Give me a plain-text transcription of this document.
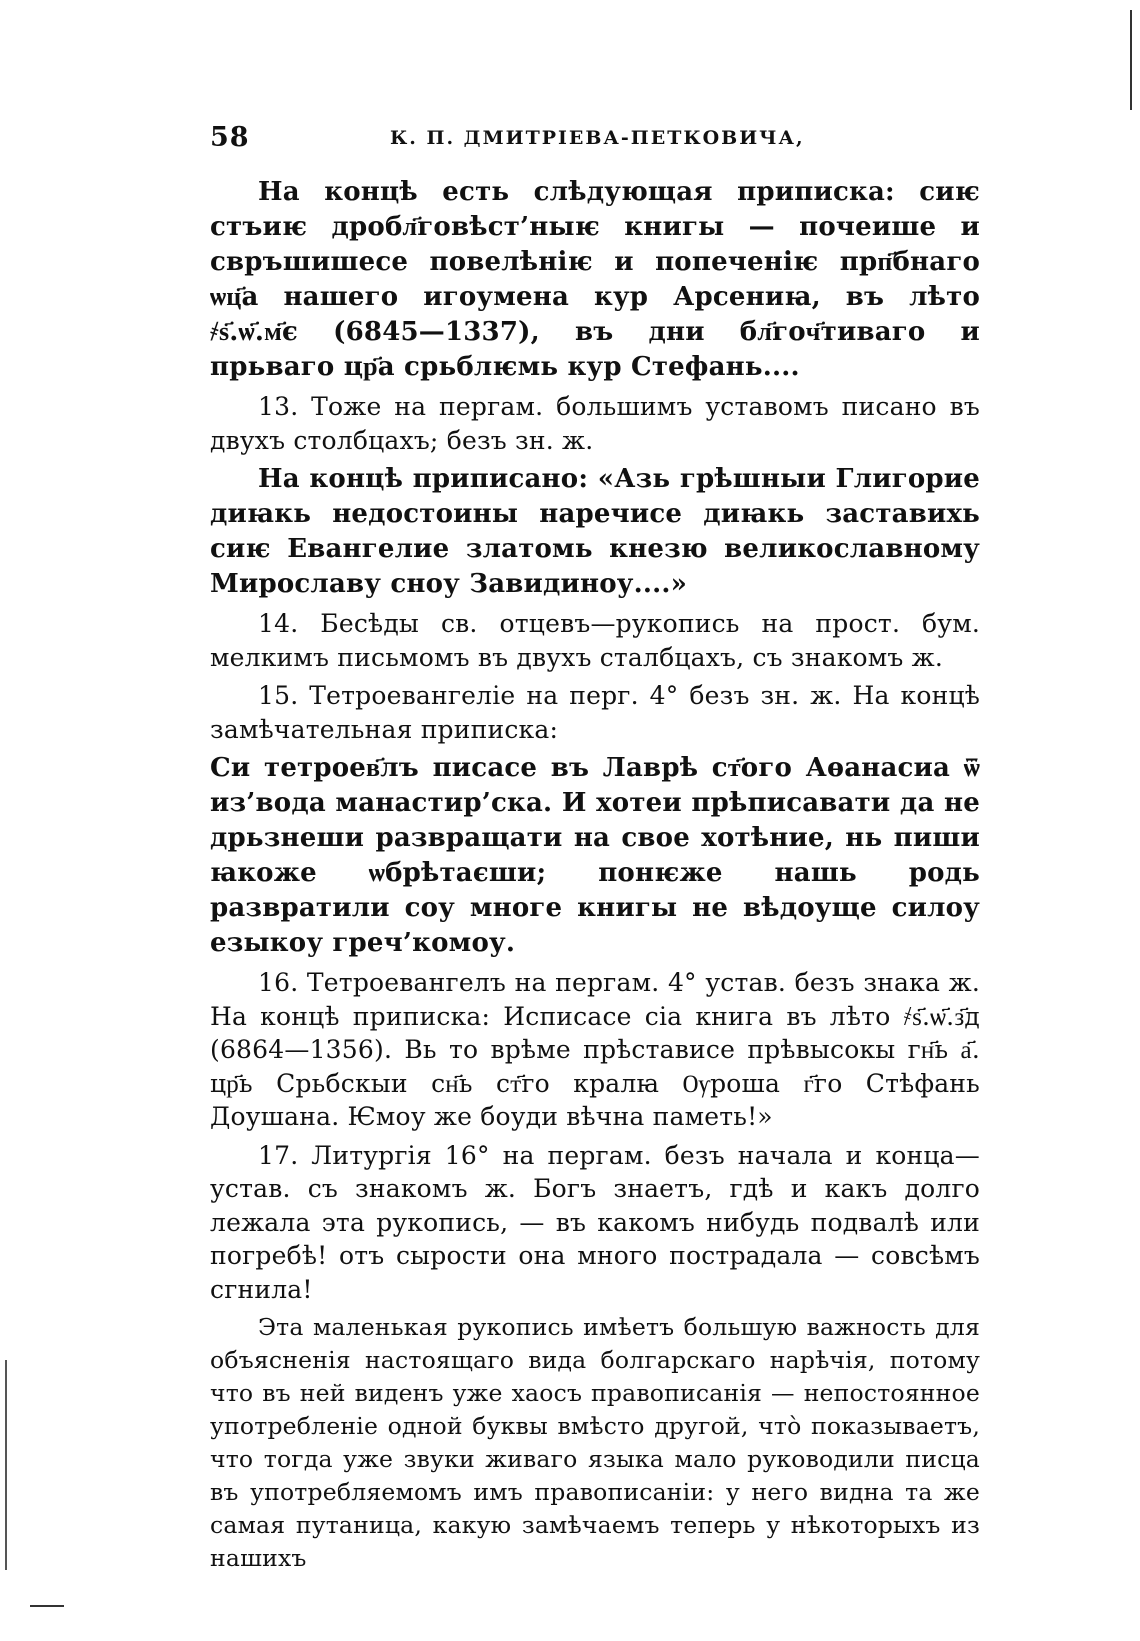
58	К. П. ДМИТРІЕВА-ПЕТКОВИЧА,

На концѣ есть слѣдующая приписка: сиѥ стъиѥ дробл҃говѣст’ныѥ книгы — почеише и свръшишесе повелѣніѥ и попеченіѥ прп҃бнаго ѡц҃а нашего игоумена кур Арсениꙗ, въ лѣто ҂ѕ҃.ѡ҃.м҃є (6845—1337), въ дни бл҃гоч҃тиваго и прьваго цр҃а срьблѥмь кур Стефань....

13. Тоже на пергам. большимъ уставомъ писано въ двухъ столбцахъ; безъ зн. ж.

На концѣ приписано: «Азь грѣшныи Глигорие диꙗкь недостоины наречисе диꙗкь заставихь сиѥ Евангелие златомь кнезю великославному Мирославу сноу Завидиноу....»

14. Бесѣды св. отцевъ—рукопись на прост. бум. мелкимъ письмомъ въ двухъ сталбцахъ, съ знакомъ ж.

15. Тетроевангеліе на перг. 4° безъ зн. ж. На концѣ замѣчательная приписка:

Си тетроев҃лъ писасе въ Лаврѣ ст҃ого Аѳанасиа ѿ из’вода манастир’ска. И хотеи прѣписавати да не дрьзнеши развращати на свое хотѣние, нь пиши ꙗкоже ѡбрѣтаєши; понѥже нашь родь развратили соу многе книгы не вѣдоуще силоу езыкоу греч’комоу.

16. Тетроевангелъ на пергам. 4° устав. безъ знака ж. На концѣ приписка: Исписасе сіа книга въ лѣто ҂ѕ҃.ѡ҃.з҃д (6864—1356). Вь то врѣме прѣстависе прѣвысокы гн҃ь а҃. цр҃ь Срьбскыи сн҃ь ст҃го кралꙗ Ѹроша г҃го Стѣфань Доушана. Ѥмоу же боуди вѣчна паметь!»

17. Литургія 16° на пергам. безъ начала и конца—устав. съ знакомъ ж. Богъ знаетъ, гдѣ и какъ долго лежала эта рукопись, — въ какомъ нибудь подвалѣ или погребѣ! отъ сырости она много пострадала — совсѣмъ сгнила!

Эта маленькая рукопись имѣетъ большую важность для объясненія настоящаго вида болгарскаго нарѣчія, потому что въ ней виденъ уже хаосъ правописанія — непостоянное употребленіе одной буквы вмѣсто другой, что̀ показываетъ, что тогда уже звуки живаго языка мало руководили писца въ употребляемомъ имъ правописаніи: у него видна та же самая путаница, какую замѣчаемъ теперь у нѣкоторыхъ из нашихъ
